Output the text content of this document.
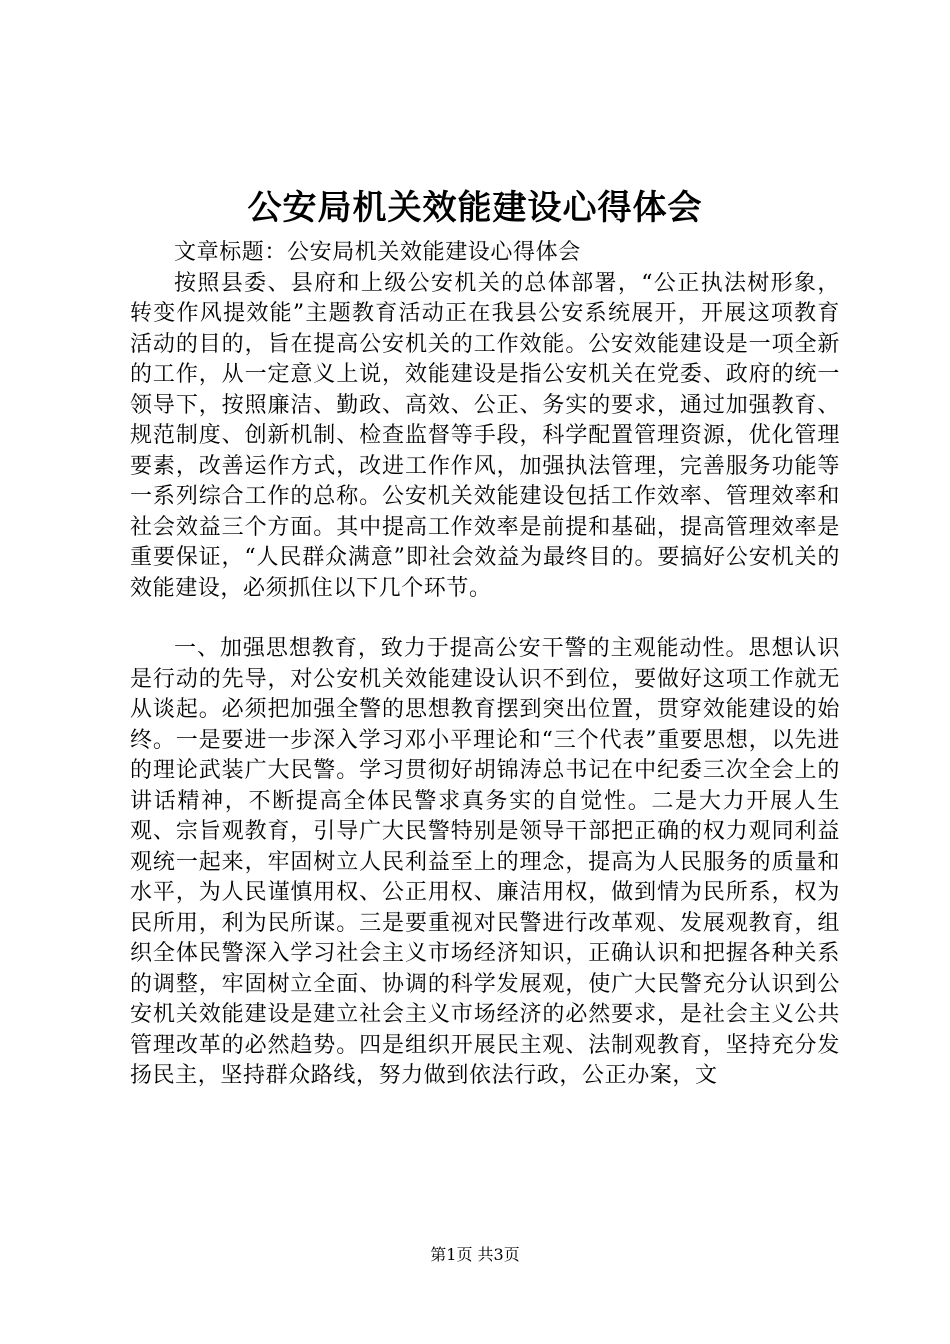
公安局机关效能建设心得体会

文章标题：公安局机关效能建设心得体会

按照县委、县府和上级公安机关的总体部署，“公正执法树形象，转变作风提效能”主题教育活动正在我县公安系统展开，开展这项教育活动的目的，旨在提高公安机关的工作效能。公安效能建设是一项全新的工作，从一定意义上说，效能建设是指公安机关在党委、政府的统一领导下，按照廉洁、勤政、高效、公正、务实的要求，通过加强教育、规范制度、创新机制、检查监督等手段，科学配置管理资源，优化管理要素，改善运作方式，改进工作作风，加强执法管理，完善服务功能等一系列综合工作的总称。公安机关效能建设包括工作效率、管理效率和社会效益三个方面。其中提高工作效率是前提和基础，提高管理效率是重要保证，“人民群众满意”即社会效益为最终目的。要搞好公安机关的效能建设，必须抓住以下几个环节。

一、加强思想教育，致力于提高公安干警的主观能动性。思想认识是行动的先导，对公安机关效能建设认识不到位，要做好这项工作就无从谈起。必须把加强全警的思想教育摆到突出位置，贯穿效能建设的始终。一是要进一步深入学习邓小平理论和“三个代表”重要思想，以先进的理论武装广大民警。学习贯彻好胡锦涛总书记在中纪委三次全会上的讲话精神，不断提高全体民警求真务实的自觉性。二是大力开展人生观、宗旨观教育，引导广大民警特别是领导干部把正确的权力观同利益观统一起来，牢固树立人民利益至上的理念，提高为人民服务的质量和水平，为人民谨慎用权、公正用权、廉洁用权，做到情为民所系，权为民所用，利为民所谋。三是要重视对民警进行改革观、发展观教育，组织全体民警深入学习社会主义市场经济知识，正确认识和把握各种关系的调整，牢固树立全面、协调的科学发展观，使广大民警充分认识到公安机关效能建设是建立社会主义市场经济的必然要求，是社会主义公共管理改革的必然趋势。四是组织开展民主观、法制观教育，坚持充分发扬民主，坚持群众路线，努力做到依法行政，公正办案，文

第1页 共3页
